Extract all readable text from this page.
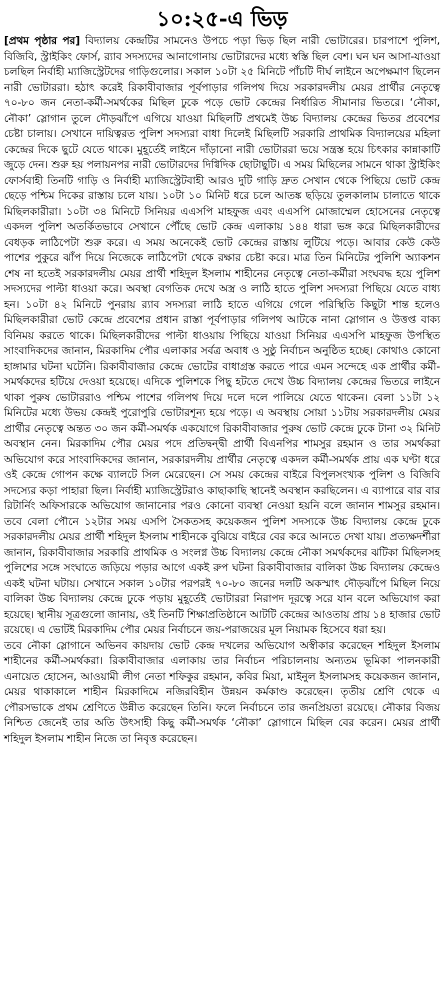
১০:২৫-এ ভিড়

[প্রথম পৃষ্ঠার পর] বিদ্যালয় কেন্দ্রটির সামনেও উপচে পড়া ভিড় ছিল নারী ভোটারের। চারপাশে পুলিশ, বিজিবি, স্ট্রাইকিং ফোর্স, র‌্যাব সদস্যদের আনাগোনায় ভোটারদের মধ্যে স্বস্তি ছিল বেশ। ঘন ঘন আসা-যাওয়া চলছিল নির্বাহী ম্যাজিস্ট্রেটদের গাড়িগুলোর। সকাল ১০টা ২৫ মিনিটে পাঁচটি দীর্ঘ লাইনে অপেক্ষমাণ ছিলেন নারী ভোটাররা। হঠাৎ করেই রিকাবীবাজার পূর্বপাড়ার গলিপথ দিয়ে সরকারদলীয় মেয়র প্রার্থীর নেতৃত্বে ৭০-৮০ জন নেতা-কর্মী-সমর্থকের মিছিল ঢুকে পড়ে ভোট কেন্দ্রের নির্ধারিত সীমানার ভিতরে। ‘নৌকা, নৌকা’ স্লোগান তুলে দৌড়ঝাঁপে এগিয়ে যাওয়া মিছিলটি প্রথমেই উচ্চ বিদ্যালয় কেন্দ্রের ভিতর প্রবেশের চেষ্টা চালায়। সেখানে দায়িত্বরত পুলিশ সদস্যরা বাধা দিলেই মিছিলটি সরকারি প্রাথমিক বিদ্যালয়ের মহিলা কেন্দ্রের দিকে ছুটে যেতে থাকে। মুহূর্তেই লাইনে দাঁড়ানো নারী ভোটাররা ভয়ে সন্ত্রস্ত হয়ে চিৎকার কান্নাকাটি জুড়ে দেন। শুরু হয় পলায়নপর নারী ভোটারদের দিগ্বিদিক ছোটাছুটি। এ সময় মিছিলের সামনে থাকা স্ট্রাইকিং ফোর্সবাহী তিনটি গাড়ি ও নির্বাহী ম্যাজিস্ট্রেটবাহী আরও দুটি গাড়ি দ্রুত সেখান থেকে পিছিয়ে ভোট কেন্দ্র ছেড়ে পশ্চিম দিকের রাস্তায় চলে যায়। ১০টা ১০ মিনিট ধরে চলে আতঙ্ক ছড়িয়ে তুলকালাম চালাতে থাকে মিছিলকারীরা। ১০টা ৩৪ মিনিটে সিনিয়র এএসপি মাহফুজ এবং এএসপি মোজাম্মেল হোসেনের নেতৃত্বে একদল পুলিশ অতর্কিতভাবে সেখানে পৌঁছে ভোট কেন্দ্র এলাকায় ১৪৪ ধারা ভঙ্গ করে মিছিলকারীদের বেধড়ক লাঠিপেটা শুরু করে। এ সময় অনেকেই ভোট কেন্দ্রের রাস্তায় লুটিয়ে পড়ে। আবার কেউ কেউ পাশের পুকুরে ঝাঁপ দিয়ে নিজেকে লাঠিপেটা থেকে রক্ষার চেষ্টা করে। মাত্র তিন মিনিটের পুলিশি অ্যাকশন শেষ না হতেই সরকারদলীয় মেয়র প্রার্থী শহিদুল ইসলাম শাহীনের নেতৃত্বে নেতা-কর্মীরা সংঘবদ্ধ হয়ে পুলিশ সদস্যদের পাল্টা ধাওয়া করে। অবস্থা বেগতিক দেখে অস্ত্র ও লাঠি হাতে পুলিশ সদস্যরা পিছিয়ে যেতে বাধ্য হন। ১০টা ৪২ মিনিটে পুনরায় র‌্যাব সদস্যরা লাঠি হাতে এগিয়ে গেলে পরিস্থিতি কিছুটা শান্ত হলেও মিছিলকারীরা ভোট কেন্দ্রে প্রবেশের প্রধান রাস্তা পূর্বপাড়ার গলিপথ আটকে নানা স্লোগান ও উত্তপ্ত বাক্য বিনিময় করতে থাকে। মিছিলকারীদের পাল্টা ধাওয়ায় পিছিয়ে যাওয়া সিনিয়র এএসপি মাহফুজ উপস্থিত সাংবাদিকদের জানান, মিরকাদিম পৌর এলাকার সর্বত্র অবাধ ও সুষ্ঠু নির্বাচন অনুষ্ঠিত হচ্ছে। কোথাও কোনো হাঙ্গামার ঘটনা ঘটেনি। রিকাবীবাজার কেন্দ্রে ভোটের বাধাগ্রস্ত করতে পারে এমন সন্দেহে এক প্রার্থীর কর্মী-সমর্থকদের হটিয়ে দেওয়া হয়েছে। এদিকে পুলিশকে পিছু হটতে দেখে উচ্চ বিদ্যালয় কেন্দ্রের ভিতরে লাইনে থাকা পুরুষ ভোটাররাও পশ্চিম পাশের গলিপথ দিয়ে দলে দলে পালিয়ে যেতে থাকেন। বেলা ১১টা ১২ মিনিটের মধ্যে উভয় কেন্দ্রই পুরোপুরি ভোটারশূন্য হয়ে পড়ে। এ অবস্থায় সোয়া ১১টায় সরকারদলীয় মেয়র প্রার্থীর নেতৃত্বে অন্তত ৩০ জন কর্মী-সমর্থক একযোগে রিকাবীবাজার পুরুষ ভোট কেন্দ্রে ঢুকে টানা ৩২ মিনিট অবস্থান নেন। মিরকাদিম পৌর মেয়র পদে প্রতিদ্বন্দ্বী প্রার্থী বিএনপির শামসুর রহমান ও তার সমর্থকরা অভিযোগ করে সাংবাদিকদের জানান, সরকারদলীয় প্রার্থীর নেতৃত্বে একদল কর্মী-সমর্থক প্রায় এক ঘণ্টা ধরে ওই কেন্দ্রে গোপন কক্ষে ব্যালটে সিল মেরেছেন। সে সময় কেন্দ্রের বাইরে বিপুলসংখ্যক পুলিশ ও বিজিবি সদস্যের কড়া পাহারা ছিল। নির্বাহী ম্যাজিস্ট্রেটরাও কাছাকাছি স্থানেই অবস্থান করছিলেন। এ ব্যাপারে বার বার রিটার্নিং অফিসারকে অভিযোগ জানানোর পরও কোনো ব্যবস্থা নেওয়া হয়নি বলে জানান শামসুর রহমান। তবে বেলা পৌনে ১২টার সময় এসপি সৈকতসহ কয়েকজন পুলিশ সদস্যকে উচ্চ বিদ্যালয় কেন্দ্রে ঢুকে সরকারদলীয় মেয়র প্রার্থী শহিদুল ইসলাম শাহীনকে বুঝিয়ে বাইরে বের করে আনতে দেখা যায়। প্রত্যক্ষদর্শীরা জানান, রিকাবীবাজার সরকারি প্রাথমিক ও সংলগ্ন উচ্চ বিদ্যালয় কেন্দ্রে নৌকা সমর্থকদের ঝটিকা মিছিলসহ পুলিশের সঙ্গে সংঘাতে জড়িয়ে পড়ার আগে একই রুপ ঘটনা রিকাবীবাজার বালিকা উচ্চ বিদ্যালয় কেন্দ্রেও একই ঘটনা ঘটায়। সেখানে সকাল ১০টার পরপরই ৭০-৮০ জনের দলটি অকস্মাৎ দৌড়ঝাঁপে মিছিল নিয়ে বালিকা উচ্চ বিদ্যালয় কেন্দ্রে ঢুকে পড়ায় মুহূর্তেই ভোটাররা নিরাপদ দূরত্বে সরে যান বলে অভিযোগ করা হয়েছে। স্থানীয় সূত্রগুলো জানায়, ওই তিনটি শিক্ষাপ্রতিষ্ঠানে আটটি কেন্দ্রের আওতায় প্রায় ১৪ হাজার ভোট রয়েছে। এ ভোটই মিরকাদিম পৌর মেয়র নির্বাচনে জয়-পরাজয়ের মূল নিয়ামক হিসেবে ধরা হয়।

তবে নৌকা স্লোগানে অভিনব কায়দায় ভোট কেন্দ্র দখলের অভিযোগ অস্বীকার করেছেন শহিদুল ইসলাম শাহীনের কর্মী-সমর্থকরা। রিকাবীবাজার এলাকায় তার নির্বাচন পরিচালনায় অন্যতম ভূমিকা পালনকারী এনায়েত হোসেন, আওয়ামী লীগ নেতা শফিকুর রহমান, কবির মিয়া, মাইনুল ইসলামসহ কয়েকজন জানান, মেয়র থাকাকালে শাহীন মিরকাদিমে নজিরবিহীন উন্নয়ন কর্মকাণ্ড করেছেন। তৃতীয় শ্রেণি থেকে এ পৌরসভাকে প্রথম শ্রেণিতে উন্নীত করেছেন তিনি। ফলে নির্বাচনে তার জনপ্রিয়তা রয়েছে। নৌকার বিজয় নিশ্চিত জেনেই তার অতি উৎসাহী কিছু কর্মী-সমর্থক ‘নৌকা’ স্লোগানে মিছিল বের করেন। মেয়র প্রার্থী শহিদুল ইসলাম শাহীন নিজে তা নিবৃত্ত করেছেন।
